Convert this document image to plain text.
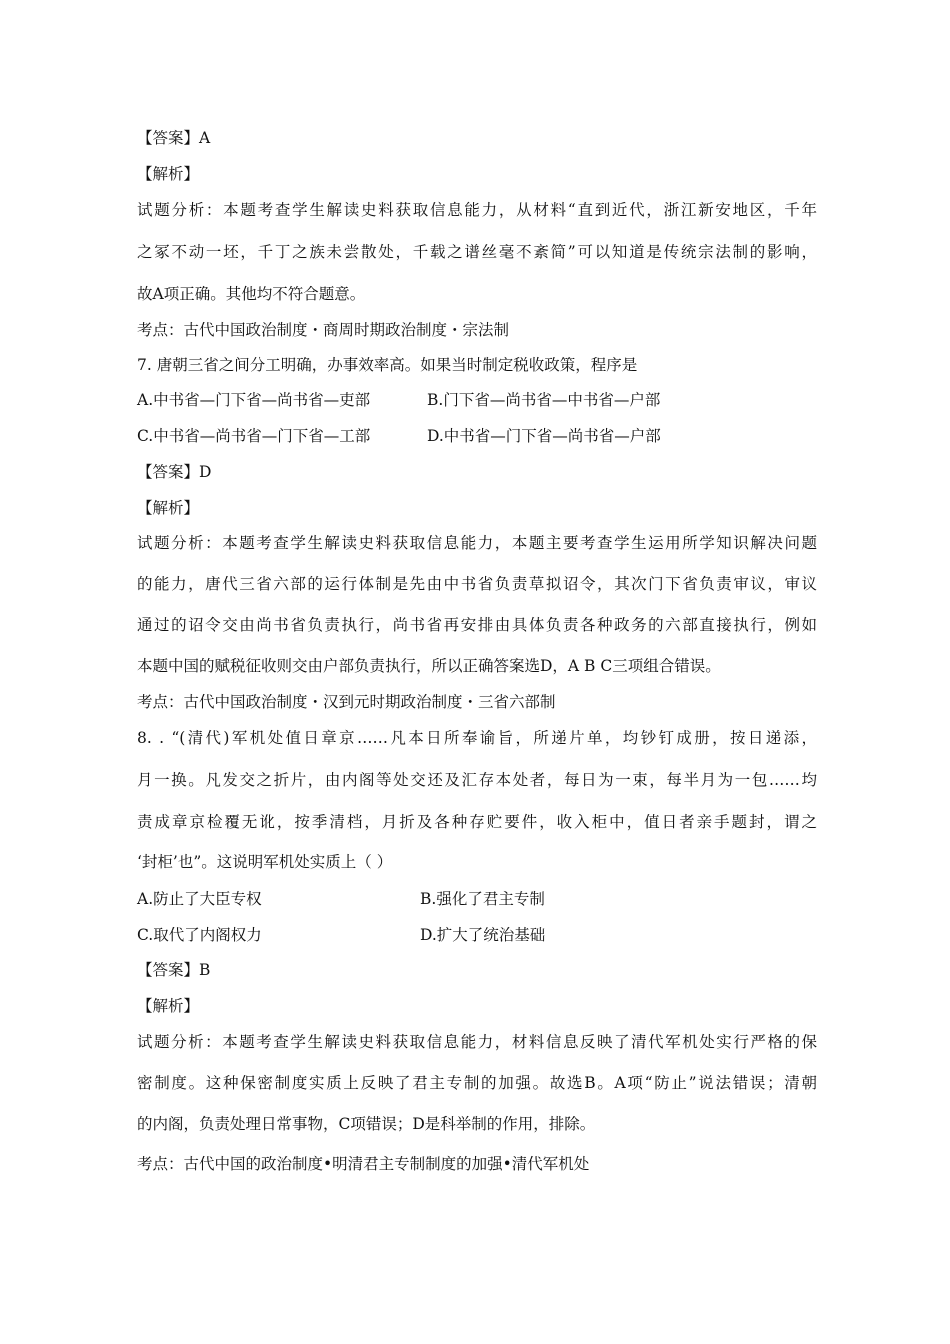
【答案】A
【解析】
试题分析：本题考查学生解读史料获取信息能力，从材料“直到近代，浙江新安地区，千年
之冢不动一坯，千丁之族未尝散处，千载之谱丝毫不紊简”可以知道是传统宗法制的影响，
故A项正确。其他均不符合题意。
考点：古代中国政治制度・商周时期政治制度・宗法制
7. 唐朝三省之间分工明确，办事效率高。如果当时制定税收政策，程序是
A.中书省—门下省—尚书省—吏部	B.门下省—尚书省—中书省—户部
C.中书省—尚书省—门下省—工部	D.中书省—门下省—尚书省—户部
【答案】D
【解析】
试题分析：本题考查学生解读史料获取信息能力，本题主要考查学生运用所学知识解决问题
的能力，唐代三省六部的运行体制是先由中书省负责草拟诏令，其次门下省负责审议，审议
通过的诏令交由尚书省负责执行，尚书省再安排由具体负责各种政务的六部直接执行，例如
本题中国的赋税征收则交由户部负责执行，所以正确答案选D，A B C三项组合错误。
考点：古代中国政治制度・汉到元时期政治制度・三省六部制
8. . “(清代)军机处值日章京……凡本日所奉谕旨，所递片单，均钞钉成册，按日递添，
月一换。凡发交之折片，由内阁等处交还及汇存本处者，每日为一束，每半月为一包……均
责成章京检覆无讹，按季清档，月折及各种存贮要件，收入柜中，值日者亲手题封，谓之
‘封柜’也”。这说明军机处实质上（ ）
A.防止了大臣专权	B.强化了君主专制
C.取代了内阁权力	D.扩大了统治基础
【答案】B
【解析】
试题分析：本题考查学生解读史料获取信息能力，材料信息反映了清代军机处实行严格的保
密制度。这种保密制度实质上反映了君主专制的加强。故选B。A项“防止”说法错误；清朝
的内阁，负责处理日常事物，C项错误；D是科举制的作用，排除。
考点：古代中国的政治制度•明清君主专制制度的加强•清代军机处
